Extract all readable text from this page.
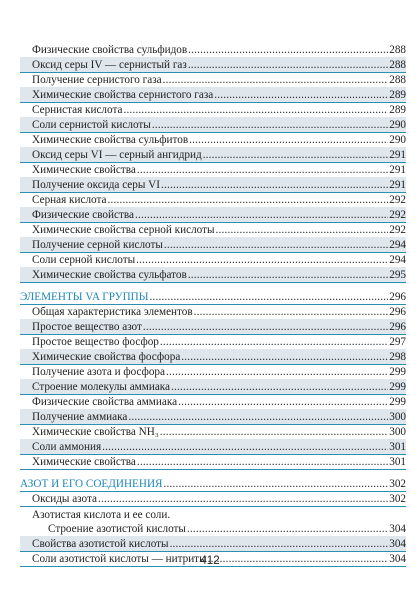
Физические свойства сульфидов .....	288
Оксид серы IV — сернистый газ .....	288
Получение сернистого газа .....	288
Химические свойства сернистого газа .....	289
Сернистая кислота .....	289
Соли сернистой кислоты .....	290
Химические свойства сульфитов .....	290
Оксид серы VI — серный ангидрид .....	291
Химические свойства .....	291
Получение оксида серы VI .....	291
Серная кислота .....	292
Физические свойства .....	292
Химические свойства серной кислоты .....	292
Получение серной кислоты .....	294
Соли серной кислоты .....	294
Химические свойства сульфатов .....	295
ЭЛЕМЕНТЫ VA ГРУППЫ .....	296
Общая характеристика элементов .....	296
Простое вещество азот .....	296
Простое вещество фосфор .....	297
Химические свойства фосфора .....	298
Получение азота и фосфора .....	299
Строение молекулы аммиака .....	299
Физические свойства аммиака .....	299
Получение аммиака .....	300
Химические свойства NH₃ .....	300
Соли аммония .....	301
Химические свойства .....	301
АЗОТ И ЕГО СОЕДИНЕНИЯ .....	302
Оксиды азота .....	302
Азотистая кислота и ее соли.
Строение азотистой кислоты .....	304
Свойства азотистой кислоты .....	304
Соли азотистой кислоты — нитриты .....	304
412
